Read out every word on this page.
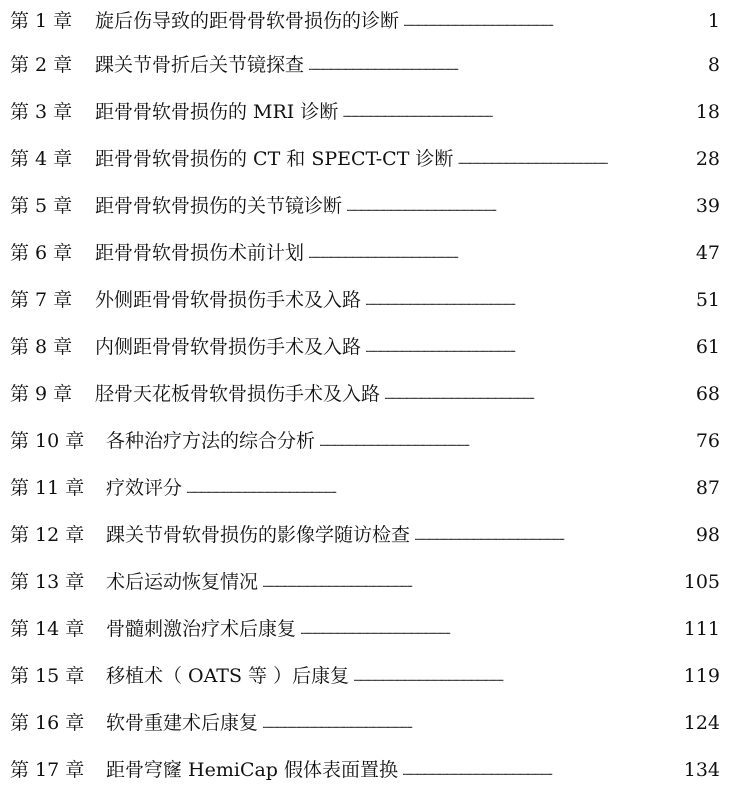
第 1 章	旋后伤导致的距骨骨软骨损伤的诊断 . . .	1
第 2 章	踝关节骨折后关节镜探查 . . .	8
第 3 章	距骨骨软骨损伤的 MRI 诊断 . . .	18
第 4 章	距骨骨软骨损伤的 CT 和 SPECT-CT 诊断 . . .	28
第 5 章	距骨骨软骨损伤的关节镜诊断 . . .	39
第 6 章	距骨骨软骨损伤术前计划 . . .	47
第 7 章	外侧距骨骨软骨损伤手术及入路 . . .	51
第 8 章	内侧距骨骨软骨损伤手术及入路 . . .	61
第 9 章	胫骨天花板骨软骨损伤手术及入路 . . .	68
第 10 章	各种治疗方法的综合分析 . . .	76
第 11 章	疗效评分 . . .	87
第 12 章	踝关节骨软骨损伤的影像学随访检查 . . .	98
第 13 章	术后运动恢复情况 . . .	105
第 14 章	骨髓刺激治疗术后康复 . . .	111
第 15 章	移植术（ OATS 等 ）后康复 . . .	119
第 16 章	软骨重建术后康复 . . .	124
第 17 章	距骨穹窿 HemiCap 假体表面置换 . . .	134
